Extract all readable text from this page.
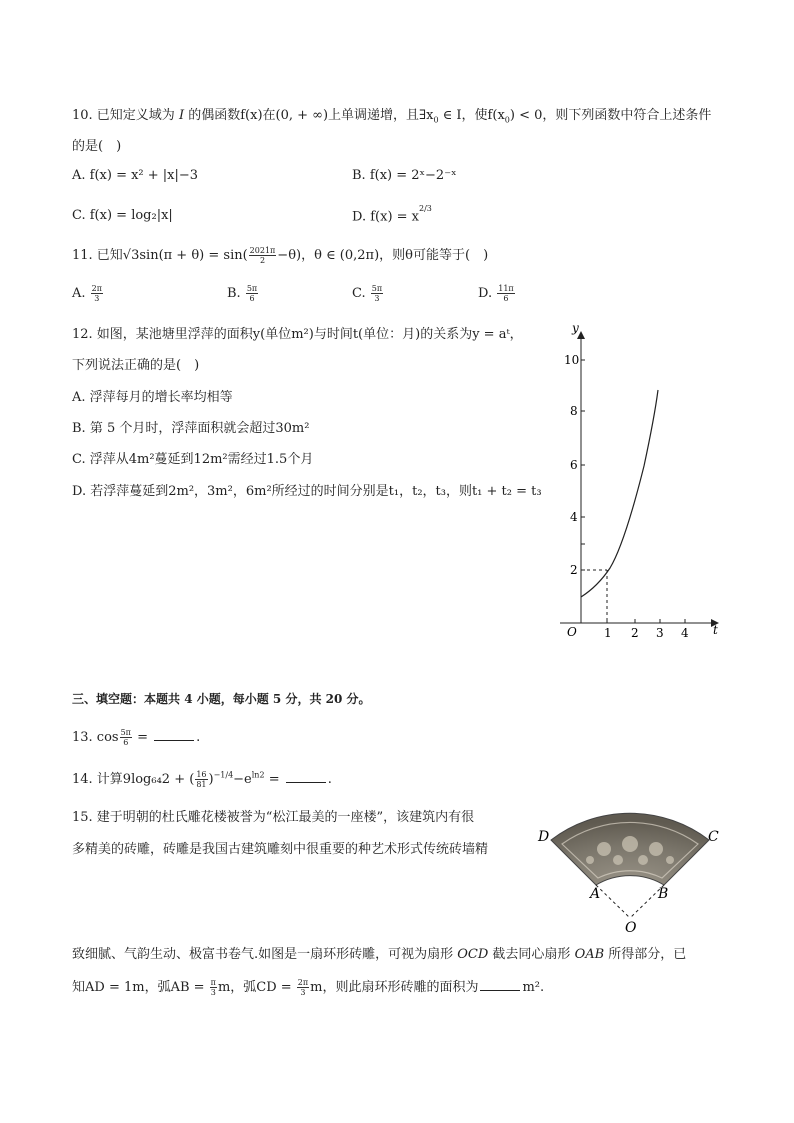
10. 已知定义域为 I 的偶函数f(x)在(0, + ∞)上单调递增，且$\exists x_0$ ∈ I，使$f(x_0) < 0$，则下列函数中符合上述条件
的是(　)
A. f(x) = x² + |x|−3	B. f(x) = 2ˣ−2⁻ˣ
C. f(x) = log₂|x|	D. $f(x) = x^{2/3}$
11. 已知$√3\sin(\pi + \theta) = \sin( \frac{2021\pi}{2} -\theta)$，θ ∈ (0,2π)，则θ可能等于(　)
A. $\frac{2\pi}{3}$	B. $\frac{5\pi}{6}$	C. $\frac{5\pi}{3}$	D. $\frac{11\pi}{6}$
12. 如图，某池塘里浮萍的面积y(单位m²)与时间t(单位：月)的关系为y = aᵗ，
下列说法正确的是(　)
A. 浮萍每月的增长率均相等
B. 第 5 个月时，浮萍面积就会超过30m²
C. 浮萍从4m²蔓延到12m²需经过1.5个月
D. 若浮萍蔓延到2m²，3m²，6m²所经过的时间分别是t₁，t₂，t₃，则t₁ + t₂ = t₃
y
t
O
2
4
6
8
10
1 2 3 4
三、填空题：本题共 4 小题，每小题 5 分，共 20 分。
13. $\cos \frac{5\pi}{6}$ =	.
14. 计算9log₆₄2 + ( $\frac{16}{81} )^{-1/4}-e^{ln2}$ =	.
15. 建于明朝的杜氏雕花楼被誉为“松江最美的一座楼”，该建筑内有很
多精美的砖雕，砖雕是我国古建筑雕刻中很重要的种艺术形式传统砖墙精
致细腻、气韵生动、极富书卷气.如图是一扇环形砖雕，可视为扇形 OCD 截去同心扇形 OAB 所得部分，已
知AD = 1m，弧AB = $\frac{\pi}{3}$ m，弧CD = $\frac{2\pi}{3}$ m，则此扇环形砖雕的面积为	m².
D	C
A	B
O
